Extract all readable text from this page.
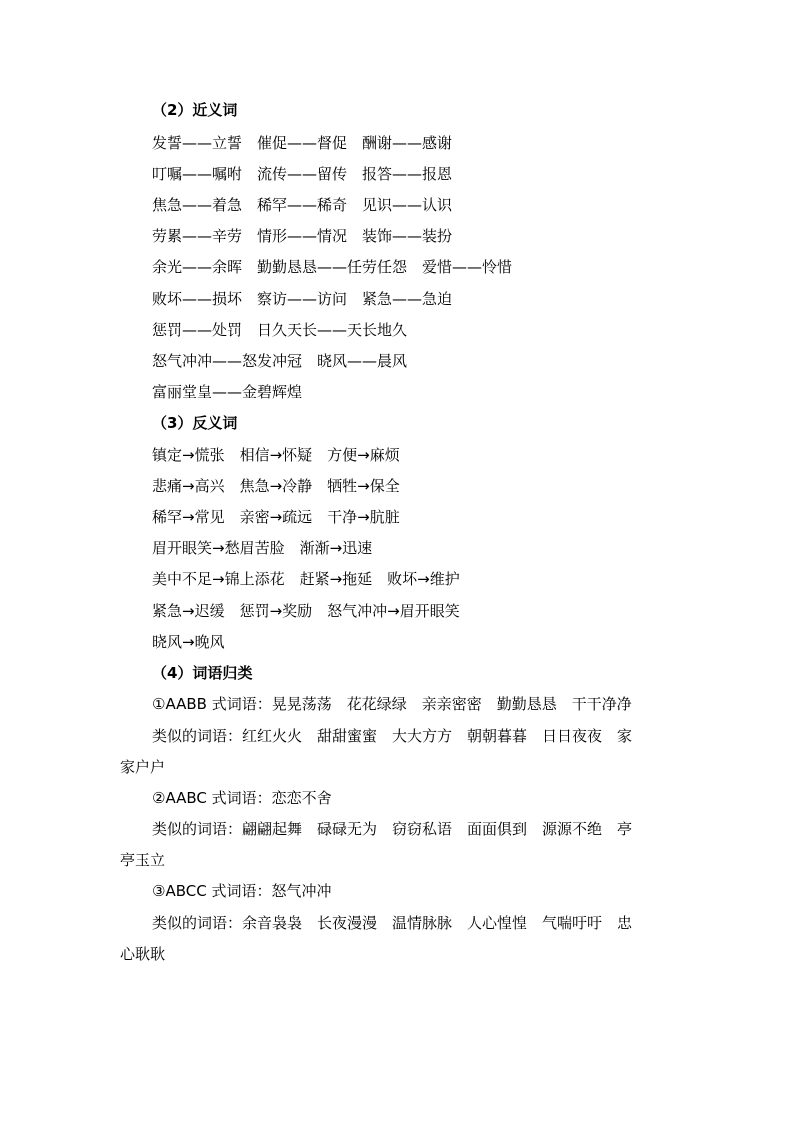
（2）近义词
发誓——立誓　催促——督促　酬谢——感谢
叮嘱——嘱咐　流传——留传　报答——报恩
焦急——着急　稀罕——稀奇　见识——认识
劳累——辛劳　情形——情况　装饰——装扮
余光——余晖　勤勤恳恳——任劳任怨　爱惜——怜惜
败坏——损坏　察访——访问　紧急——急迫
惩罚——处罚　日久天长——天长地久
怒气冲冲——怒发冲冠　晓风——晨风
富丽堂皇——金碧辉煌
（3）反义词
镇定→慌张　相信→怀疑　方便→麻烦
悲痛→高兴　焦急→冷静　牺牲→保全
稀罕→常见　亲密→疏远　干净→肮脏
眉开眼笑→愁眉苦脸　渐渐→迅速
美中不足→锦上添花　赶紧→拖延　败坏→维护
紧急→迟缓　惩罚→奖励　怒气冲冲→眉开眼笑
晓风→晚风
（4）词语归类
①AABB 式词语：晃晃荡荡　花花绿绿　亲亲密密　勤勤恳恳　干干净净
类似的词语：红红火火　甜甜蜜蜜　大大方方　朝朝暮暮　日日夜夜　家
家户户
②AABC 式词语：恋恋不舍
类似的词语：翩翩起舞　碌碌无为　窃窃私语　面面俱到　源源不绝　亭
亭玉立
③ABCC 式词语：怒气冲冲
类似的词语：余音袅袅　长夜漫漫　温情脉脉　人心惶惶　气喘吁吁　忠
心耿耿
